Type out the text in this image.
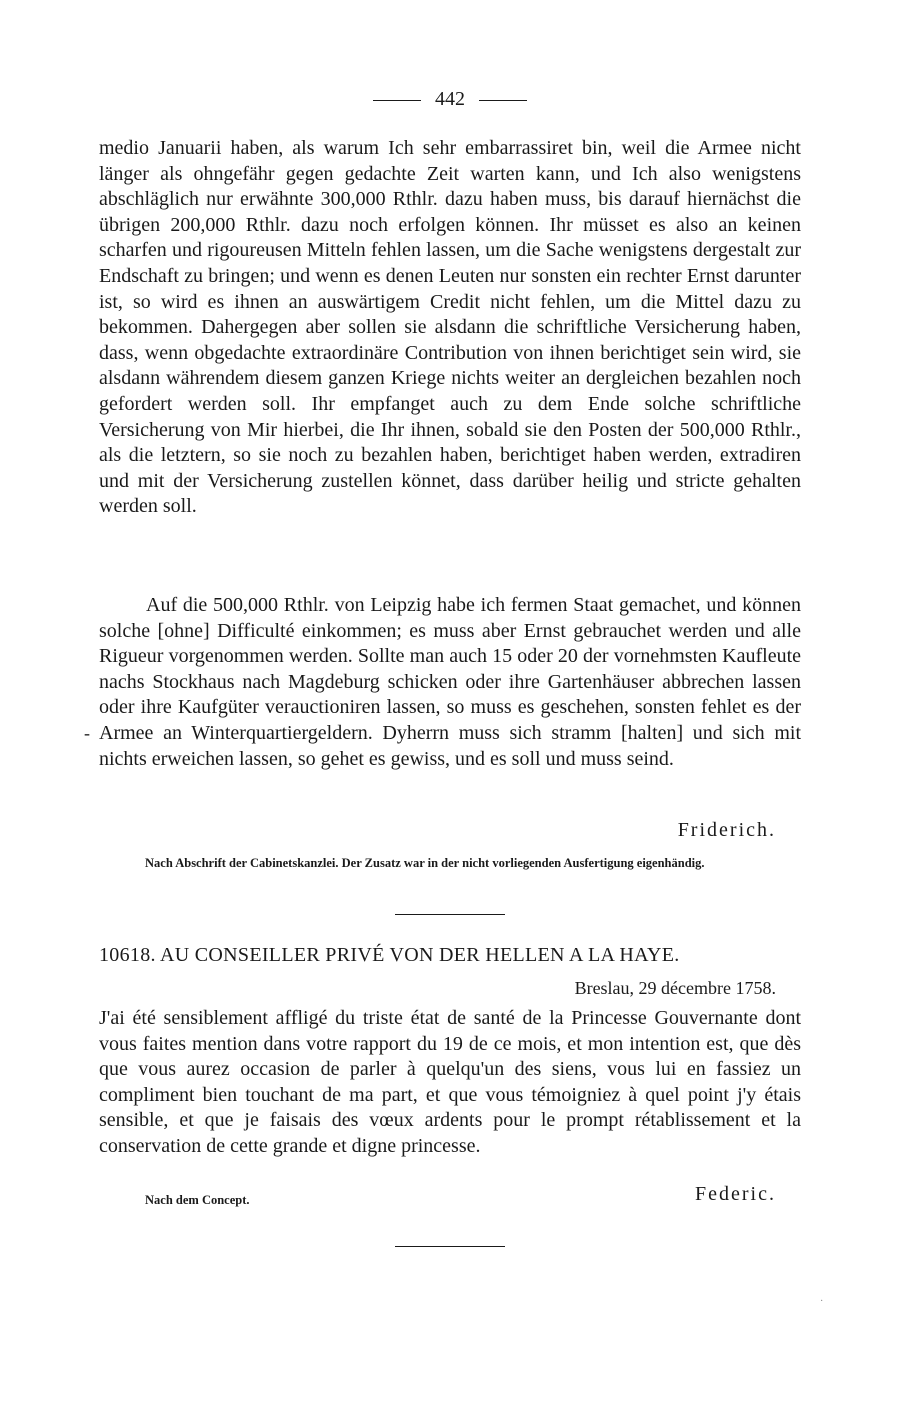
442
medio Januarii haben, als warum Ich sehr embarrassiret bin, weil die Armee nicht länger als ohngefähr gegen gedachte Zeit warten kann, und Ich also wenigstens abschläglich nur erwähnte 300,000 Rthlr. dazu haben muss, bis darauf hiernächst die übrigen 200,000 Rthlr. dazu noch erfolgen können. Ihr müsset es also an keinen scharfen und rigoureusen Mitteln fehlen lassen, um die Sache wenigstens dergestalt zur Endschaft zu bringen; und wenn es denen Leuten nur sonsten ein rechter Ernst darunter ist, so wird es ihnen an auswärtigem Credit nicht fehlen, um die Mittel dazu zu bekommen. Dahergegen aber sollen sie alsdann die schriftliche Versicherung haben, dass, wenn obgedachte extraordinäre Contribution von ihnen berichtiget sein wird, sie alsdann währendem diesem ganzen Kriege nichts weiter an dergleichen bezahlen noch gefordert werden soll. Ihr empfanget auch zu dem Ende solche schriftliche Versicherung von Mir hierbei, die Ihr ihnen, sobald sie den Posten der 500,000 Rthlr., als die letztern, so sie noch zu bezahlen haben, berichtiget haben werden, extradiren und mit der Versicherung zustellen könnet, dass darüber heilig und stricte gehalten werden soll.
Auf die 500,000 Rthlr. von Leipzig habe ich fermen Staat gemachet, und können solche [ohne] Difficulté einkommen; es muss aber Ernst gebrauchet werden und alle Rigueur vorgenommen werden. Sollte man auch 15 oder 20 der vornehmsten Kaufleute nachs Stockhaus nach Magdeburg schicken oder ihre Gartenhäuser abbrechen lassen oder ihre Kaufgüter verauctioniren lassen, so muss es geschehen, sonsten fehlet es der Armee an Winterquartiergeldern. Dyherrn muss sich stramm [halten] und sich mit nichts erweichen lassen, so gehet es gewiss, und es soll und muss seind.
-
Friderich.
Nach Abschrift der Cabinetskanzlei. Der Zusatz war in der nicht vorliegenden Ausfertigung eigenhändig.
10618. AU CONSEILLER PRIVÉ VON DER HELLEN A LA HAYE.
Breslau, 29 décembre 1758.
J'ai été sensiblement affligé du triste état de santé de la Princesse Gouvernante dont vous faites mention dans votre rapport du 19 de ce mois, et mon intention est, que dès que vous aurez occasion de parler à quelqu'un des siens, vous lui en fassiez un compliment bien touchant de ma part, et que vous témoigniez à quel point j'y étais sensible, et que je faisais des vœux ardents pour le prompt rétablissement et la conservation de cette grande et digne princesse.
Nach dem Concept.	Federic.
·
